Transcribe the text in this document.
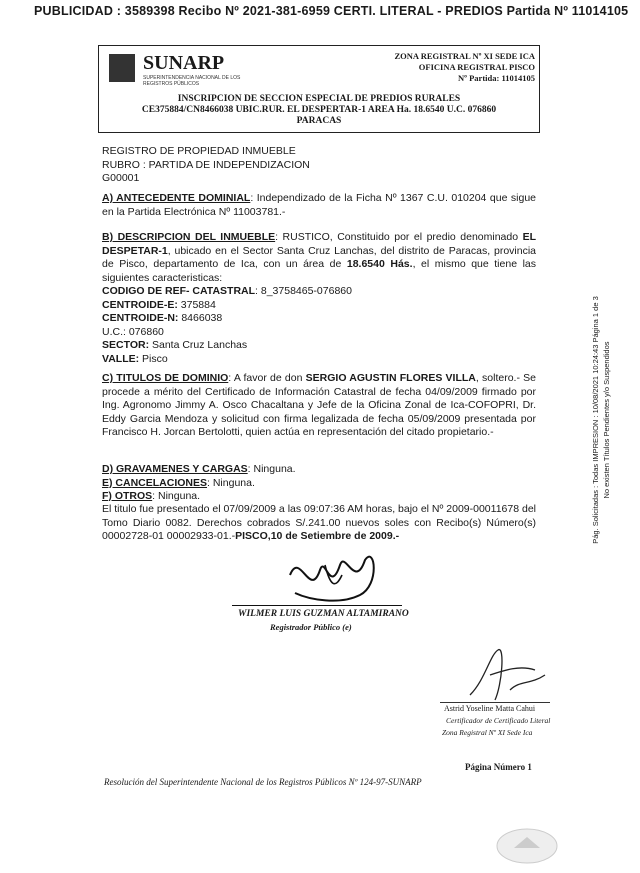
PUBLICIDAD : 3589398 Recibo Nº 2021-381-6959 CERTI. LITERAL - PREDIOS Partida Nº 11014105
SUNARP
SUPERINTENDENCIA NACIONAL DE LOS REGISTROS PÚBLICOS
ZONA REGISTRAL Nº XI SEDE ICA
OFICINA REGISTRAL PISCO
Nº Partida: 11014105
INSCRIPCION DE SECCION ESPECIAL DE PREDIOS RURALES
CE375884/CN8466038 UBIC.RUR. EL DESPERTAR-1 AREA Ha. 18.6540 U.C. 076860
PARACAS
REGISTRO DE PROPIEDAD INMUEBLE
RUBRO : PARTIDA DE INDEPENDIZACION
G00001
A) ANTECEDENTE DOMINIAL: Independizado de la Ficha Nº 1367 C.U. 010204 que sigue en la Partida Electrónica Nº 11003781.-
B) DESCRIPCION DEL INMUEBLE: RUSTICO, Constituido por el predio denominado EL DESPETAR-1, ubicado en el Sector Santa Cruz Lanchas, del distrito de Paracas, provincia de Pisco, departamento de Ica, con un área de 18.6540 Hás., el mismo que tiene las siguientes caracteristicas:
CODIGO DE REF- CATASTRAL: 8_3758465-076860
CENTROIDE-E: 375884
CENTROIDE-N: 8466038
U.C.: 076860
SECTOR: Santa Cruz Lanchas
VALLE: Pisco
C) TITULOS DE DOMINIO: A favor de don SERGIO AGUSTIN FLORES VILLA, soltero.- Se procede a mérito del Certificado de Información Catastral de fecha 04/09/2009 firmado por Ing. Agronomo Jimmy A. Osco Chacaltana y Jefe de la Oficina Zonal de Ica-COFOPRI, Dr. Eddy Garcia Mendoza y solicitud con firma legalizada de fecha 05/09/2009 presentada por Francisco H. Jorcan Bertolotti, quien actúa en representación del citado propietario.-
D) GRAVAMENES Y CARGAS: Ninguna.
E) CANCELACIONES: Ninguna.
F) OTROS: Ninguna.
El titulo fue presentado el 07/09/2009 a las 09:07:36 AM horas, bajo el Nº 2009-00011678 del Tomo Diario 0082. Derechos cobrados S/.241.00 nuevos soles con Recibo(s) Número(s) 00002728-01 00002933-01.-PISCO,10 de Setiembre de 2009.-
WILMER LUIS GUZMAN ALTAMIRANO
Registrador Público (e)
Astrid Yoseline Matta Cahui
Certificador de Certificado Literal
Zona Registral Nº XI Sede Ica
Página Número 1
Resolución del Superintendente Nacional de los Registros Públicos Nº 124-97-SUNARP
Pág. Solicitadas : Todas IMPRESION : 10/08/2021 10:24:43 Página 1 de 3 No existen Títulos Pendientes y/o Suspendidos
